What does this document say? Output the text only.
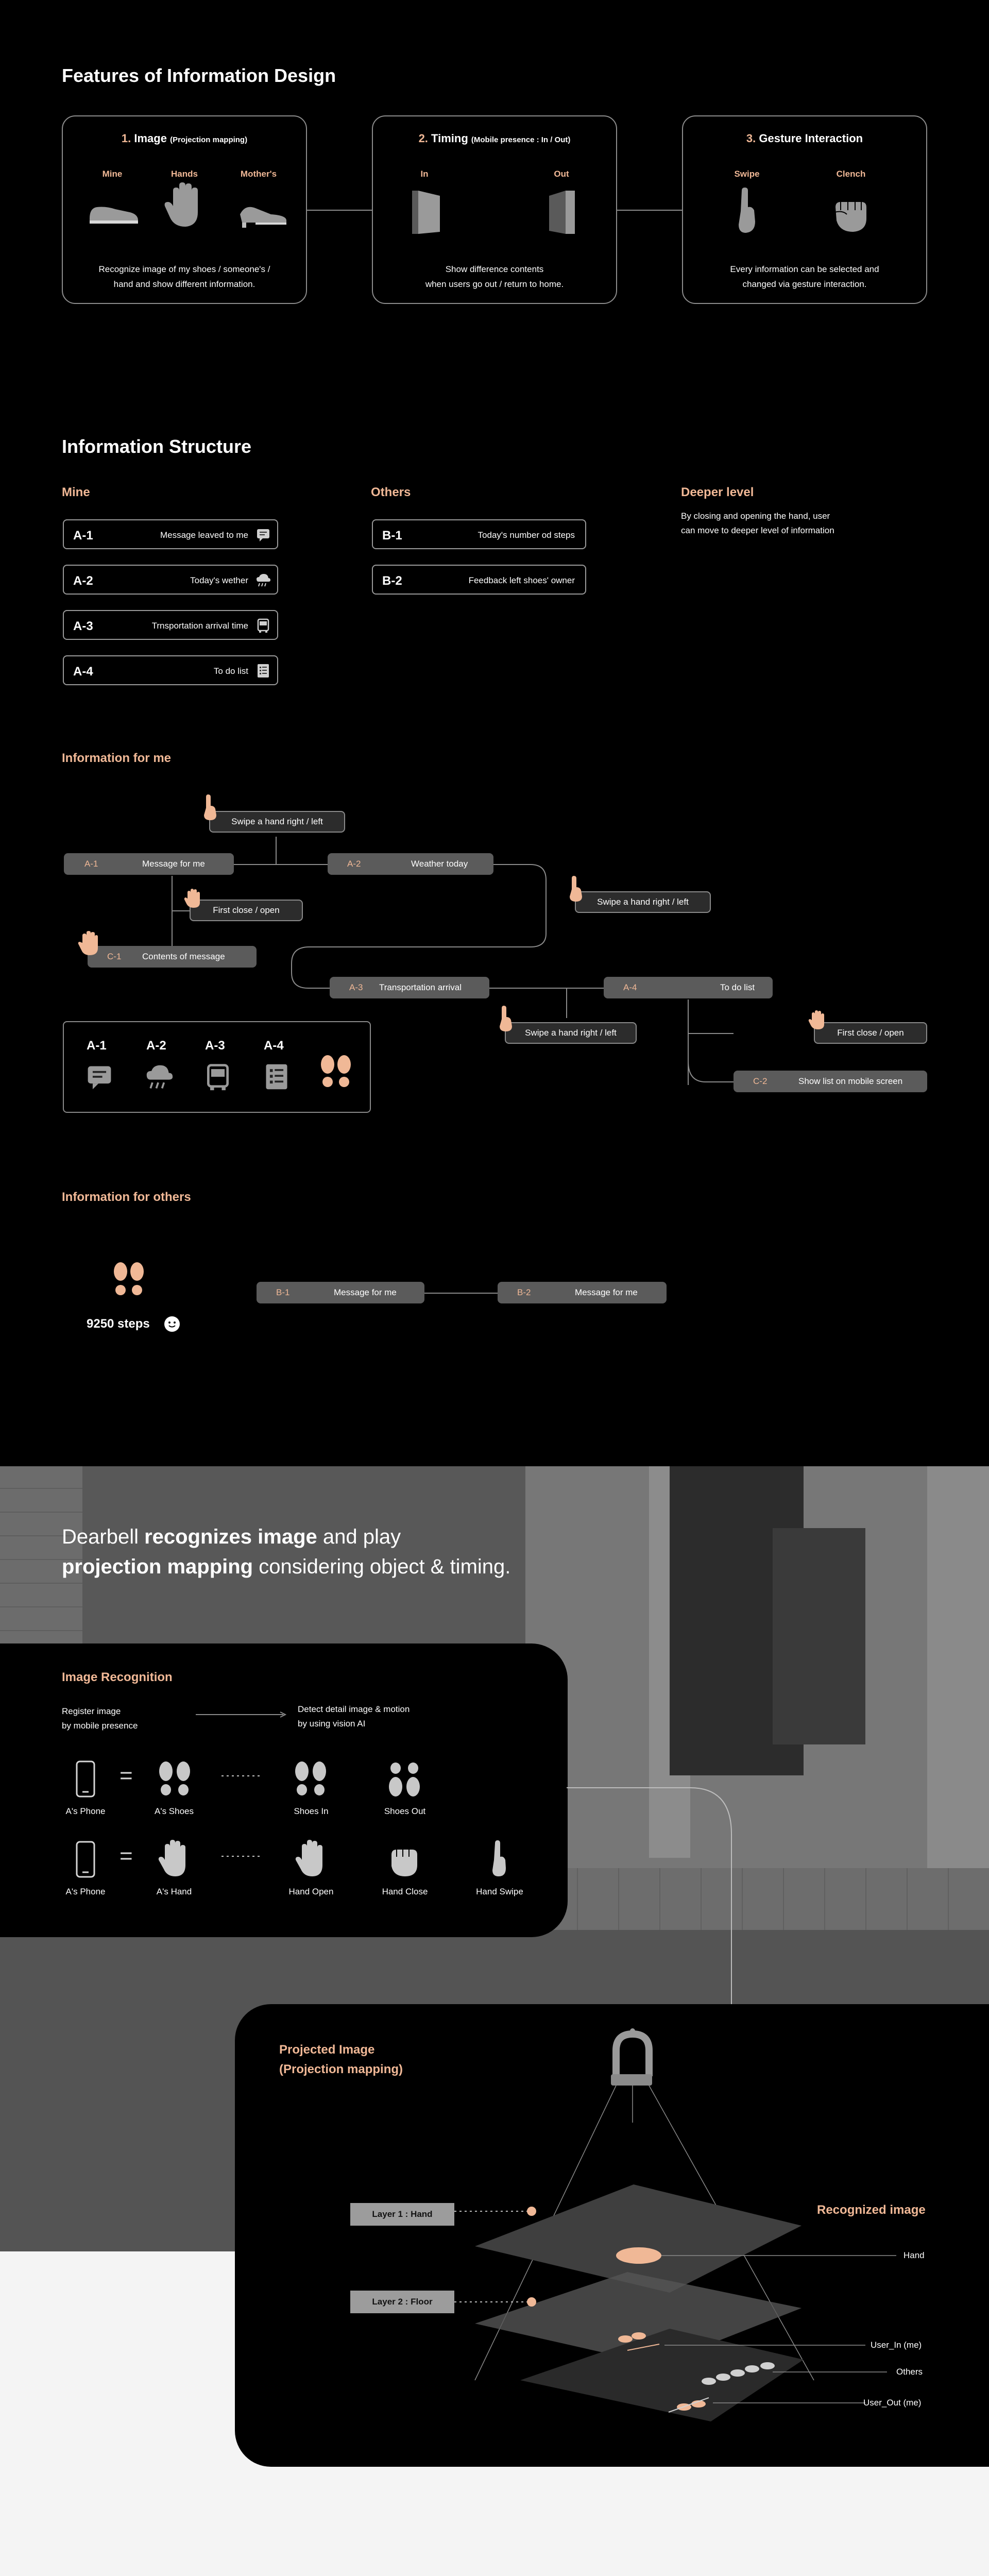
Features of Information Design
1. Image (Projection mapping)
Mine	Hands	Mother's
Recognize image of my shoes / someone's /
hand and show different information.
2. Timing (Mobile presence : In / Out)
In	Out
Show difference contents
when users go out / return to home.
3. Gesture Interaction
Swipe	Clench
Every information can be selected and
changed via gesture interaction.
Information Structure
Mine
A-1	Message leaved to me
A-2	Today's wether
A-3	Trnsportation arrival time
A-4	To do list
Others
B-1	Today's number od steps
B-2	Feedback left shoes' owner
Deeper level
By closing and opening the hand, user
can move to deeper level of information
Information for me
A-1	Message for me	A-2	Weather today
C-1 Contents of message
A-3 Transportation arrival	A-4	To do list
C-2	Show list on mobile screen
Swipe a hand right / left
First close / open
Swipe a hand right / left
Swipe a hand right / left	First close / open
A-1	A-2	A-3	A-4
Information for others
9250 steps
B-1	Message for me	B-2	Message for me
Dearbell recognizes image and play
projection mapping considering object & timing.
Image Recognition
Register image
by mobile presence
Detect detail image & motion
by using vision AI
=
A's Phone	A's Shoes	Shoes In	Shoes Out
=
A's Phone	A's Hand	Hand Open	Hand Close	Hand Swipe
Projected Image
(Projection mapping)
Layer 1 : Hand
Layer 2 : Floor
Recognized image
Hand
User_In (me)
Others
User_Out (me)
